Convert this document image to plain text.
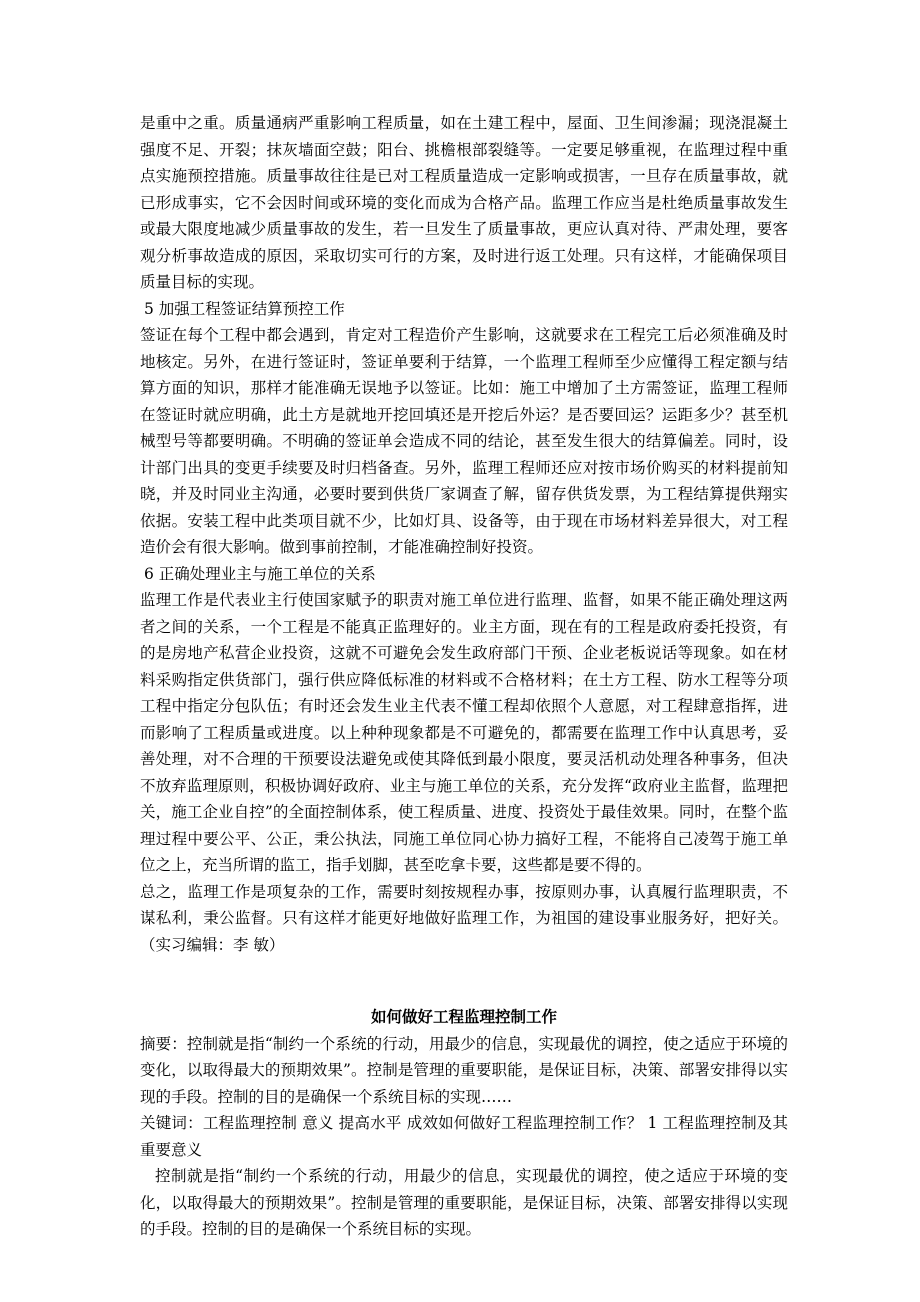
是重中之重。质量通病严重影响工程质量，如在土建工程中，屋面、卫生间渗漏；现浇混凝土强度不足、开裂；抹灰墙面空鼓；阳台、挑檐根部裂缝等。一定要足够重视，在监理过程中重点实施预控措施。质量事故往往是已对工程质量造成一定影响或损害，一旦存在质量事故，就已形成事实，它不会因时间或环境的变化而成为合格产品。监理工作应当是杜绝质量事故发生或最大限度地减少质量事故的发生，若一旦发生了质量事故，更应认真对待、严肃处理，要客观分析事故造成的原因，采取切实可行的方案，及时进行返工处理。只有这样，才能确保项目质量目标的实现。

5 加强工程签证结算预控工作

签证在每个工程中都会遇到，肯定对工程造价产生影响，这就要求在工程完工后必须准确及时地核定。另外，在进行签证时，签证单要利于结算，一个监理工程师至少应懂得工程定额与结算方面的知识，那样才能准确无误地予以签证。比如：施工中增加了土方需签证，监理工程师在签证时就应明确，此土方是就地开挖回填还是开挖后外运？是否要回运？运距多少？甚至机械型号等都要明确。不明确的签证单会造成不同的结论，甚至发生很大的结算偏差。同时，设计部门出具的变更手续要及时归档备查。另外，监理工程师还应对按市场价购买的材料提前知晓，并及时同业主沟通，必要时要到供货厂家调查了解，留存供货发票，为工程结算提供翔实依据。安装工程中此类项目就不少，比如灯具、设备等，由于现在市场材料差异很大，对工程造价会有很大影响。做到事前控制，才能准确控制好投资。

6 正确处理业主与施工单位的关系

监理工作是代表业主行使国家赋予的职责对施工单位进行监理、监督，如果不能正确处理这两者之间的关系，一个工程是不能真正监理好的。业主方面，现在有的工程是政府委托投资，有的是房地产私营企业投资，这就不可避免会发生政府部门干预、企业老板说话等现象。如在材料采购指定供货部门，强行供应降低标准的材料或不合格材料；在土方工程、防水工程等分项工程中指定分包队伍；有时还会发生业主代表不懂工程却依照个人意愿，对工程肆意指挥，进而影响了工程质量或进度。以上种种现象都是不可避免的，都需要在监理工作中认真思考，妥善处理，对不合理的干预要设法避免或使其降低到最小限度，要灵活机动处理各种事务，但决不放弃监理原则，积极协调好政府、业主与施工单位的关系，充分发挥“政府业主监督，监理把关，施工企业自控”的全面控制体系，使工程质量、进度、投资处于最佳效果。同时，在整个监理过程中要公平、公正，秉公执法，同施工单位同心协力搞好工程，不能将自己凌驾于施工单位之上，充当所谓的监工，指手划脚，甚至吃拿卡要，这些都是要不得的。

总之，监理工作是项复杂的工作，需要时刻按规程办事，按原则办事，认真履行监理职责，不谋私利，秉公监督。只有这样才能更好地做好监理工作，为祖国的建设事业服务好，把好关。（实习编辑：李 敏）

如何做好工程监理控制工作

摘要：控制就是指“制约一个系统的行动，用最少的信息，实现最优的调控，使之适应于环境的变化，以取得最大的预期效果”。控制是管理的重要职能，是保证目标，决策、部署安排得以实现的手段。控制的目的是确保一个系统目标的实现……

关键词：工程监理控制 意义 提高水平 成效如何做好工程监理控制工作？ 1 工程监理控制及其重要意义

控制就是指“制约一个系统的行动，用最少的信息，实现最优的调控，使之适应于环境的变化，以取得最大的预期效果”。控制是管理的重要职能，是保证目标，决策、部署安排得以实现的手段。控制的目的是确保一个系统目标的实现。
